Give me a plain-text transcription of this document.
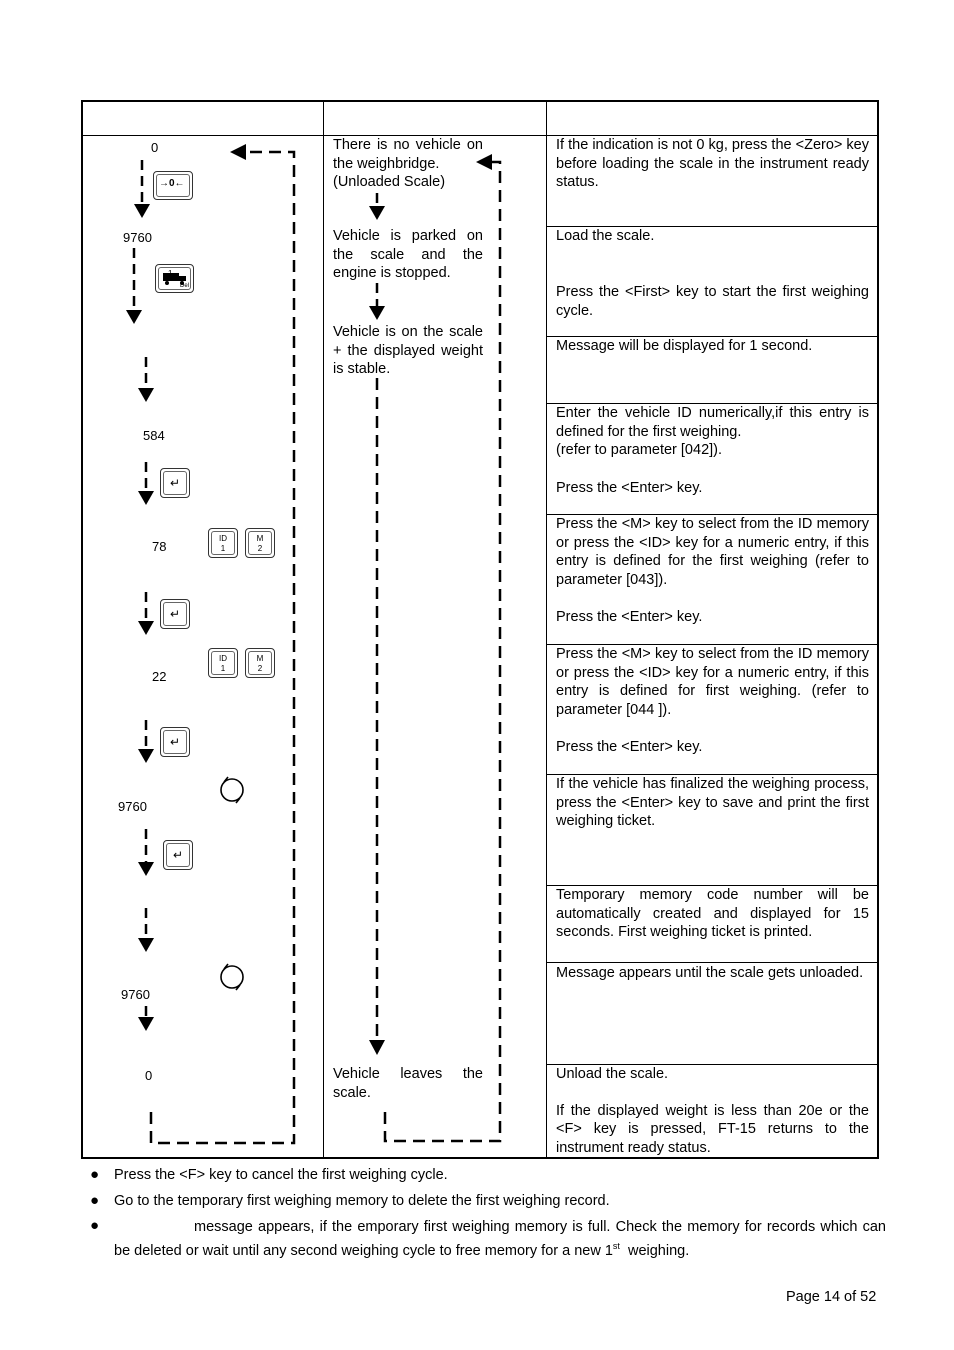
0
9760
584
78
22
9760
9760
0
→0←
Del
↵
↵
↵
↵
ID
1
M
2
ID
1
M
2
There is no vehicle on the weighbridge.
(Unloaded Scale)
Vehicle is parked on the scale and the engine is stopped.
Vehicle is on the scale + the displayed weight is stable.
Vehicle leaves the scale.
If the indication is not 0 kg, press the <Zero> key before loading the scale in the instrument ready status.
Load the scale.
Press the <First> key to start the first weighing cycle.
Message will be displayed for 1 second.
Enter the vehicle ID numerically,if this entry is defined for the first weighing.
(refer to parameter [042]).
Press the <Enter> key.
Press the <M> key to select from the ID memory or press the <ID> key for a numeric entry, if this entry is defined for the first weighing (refer to parameter [043]).
Press the <Enter> key.
Press the <M> key to select from the ID memory or press the <ID> key for a numeric entry, if this entry is defined for first weighing. (refer to parameter [044 ]).
Press the <Enter> key.
If the vehicle has finalized the weighing process, press the <Enter> key to save and print the first weighing ticket.
Temporary memory code number will be automatically created and displayed for 15 seconds. First weighing ticket is printed.
Message appears until the scale gets unloaded.
Unload the scale.
If the displayed weight is less than 20e or the <F> key is pressed, FT-15 returns to the instrument ready status.
● Press the <F> key to cancel the first weighing cycle.
● Go to the temporary first weighing memory to delete the first weighing record.
●	message appears, if the emporary first weighing memory is full. Check the memory for records which can be deleted or wait until any second weighing cycle to free memory for a new 1st weighing.
Page 14 of 52
